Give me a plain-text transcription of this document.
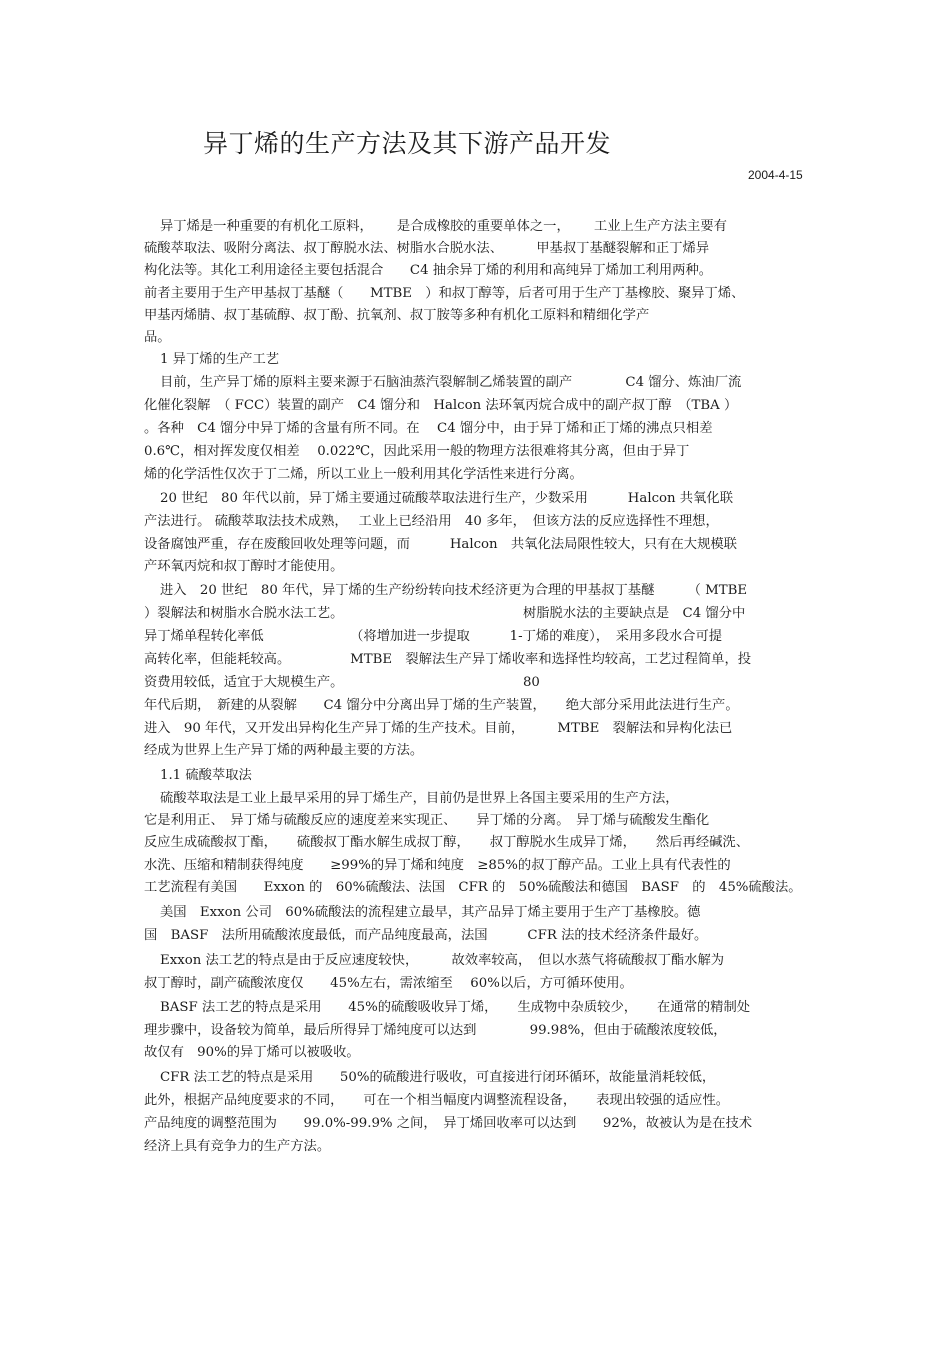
异丁烯的生产方法及其下游产品开发
2004-4-15
异丁烯是一种重要的有机化工原料，　　 是合成橡胶的重要单体之一，　　 工业上生产方法主要有
硫酸萃取法、吸附分离法、叔丁醇脱水法、树脂水合脱水法、　　　甲基叔丁基醚裂解和正丁烯异
构化法等。其化工利用途径主要包括混合　　C4 抽余异丁烯的利用和高纯异丁烯加工利用两种。
前者主要用于生产甲基叔丁基醚（　　MTBE　）和叔丁醇等，后者可用于生产丁基橡胶、聚异丁烯、
甲基丙烯腈、叔丁基硫醇、叔丁酚、抗氧剂、叔丁胺等多种有机化工原料和精细化学产
品。
1 异丁烯的生产工艺
目前，生产异丁烯的原料主要来源于石脑油蒸汽裂解制乙烯装置的副产　　　　C4 馏分、炼油厂流
化催化裂解　（ FCC）装置的副产　C4 馏分和　Halcon 法环氧丙烷合成中的副产叔丁醇　（TBA ）
。各种　C4 馏分中异丁烯的含量有所不同。在　 C4 馏分中，由于异丁烯和正丁烯的沸点只相差
0.6℃，相对挥发度仅相差　 0.022℃，因此采用一般的物理方法很难将其分离，但由于异丁
烯的化学活性仅次于丁二烯，所以工业上一般利用其化学活性来进行分离。
20 世纪　80 年代以前，异丁烯主要通过硫酸萃取法进行生产，少数采用　　　Halcon 共氧化联
产法进行。 硫酸萃取法技术成熟，　 工业上已经沿用　40 多年，　但该方法的反应选择性不理想，
设备腐蚀严重，存在废酸回收处理等问题，而　　　Halcon　共氧化法局限性较大，只有在大规模联
产环氧丙烷和叔丁醇时才能使用。
进入　20 世纪　80 年代，异丁烯的生产纷纷转向技术经济更为合理的甲基叔丁基醚　　　（ MTBE
）裂解法和树脂水合脱水法工艺。　　　　　　　　　　　　　　树脂脱水法的主要缺点是　C4 馏分中
异丁烯单程转化率低　　　　　　　（将增加进一步提取　　　1-丁烯的难度），　采用多段水合可提
高转化率，但能耗较高。　　　　　MTBE　裂解法生产异丁烯收率和选择性均较高，工艺过程简单，投
资费用较低，适宜于大规模生产。　　　　　　　　　　　　　　80
年代后期，　新建的从裂解　　C4 馏分中分离出异丁烯的生产装置，　　绝大部分采用此法进行生产。
进入　90 年代，又开发出异构化生产异丁烯的生产技术。目前，　　　MTBE　裂解法和异构化法已
经成为世界上生产异丁烯的两种最主要的方法。
1.1 硫酸萃取法
硫酸萃取法是工业上最早采用的异丁烯生产，目前仍是世界上各国主要采用的生产方法，
它是利用正、　异丁烯与硫酸反应的速度差来实现正、　　异丁烯的分离。　异丁烯与硫酸发生酯化
反应生成硫酸叔丁酯，　　硫酸叔丁酯水解生成叔丁醇，　　叔丁醇脱水生成异丁烯，　　然后再经碱洗、
水洗、压缩和精制获得纯度　　≥99%的异丁烯和纯度　≥85%的叔丁醇产品。工业上具有代表性的
工艺流程有美国　　Exxon 的　60%硫酸法、法国　CFR 的　50%硫酸法和德国　BASF　的　45%硫酸法。
美国　Exxon 公司　60%硫酸法的流程建立最早，其产品异丁烯主要用于生产丁基橡胶。德
国　BASF　法所用硫酸浓度最低，而产品纯度最高，法国　　　CFR 法的技术经济条件最好。
Exxon 法工艺的特点是由于反应速度较快，　　　故效率较高，　但以水蒸气将硫酸叔丁酯水解为
叔丁醇时，副产硫酸浓度仅　　45%左右，需浓缩至　 60%以后，方可循环使用。
BASF 法工艺的特点是采用　　45%的硫酸吸收异丁烯，　　生成物中杂质较少，　　在通常的精制处
理步骤中，设备较为简单，最后所得异丁烯纯度可以达到　　　　99.98%，但由于硫酸浓度较低，
故仅有　90%的异丁烯可以被吸收。
CFR 法工艺的特点是采用　　50%的硫酸进行吸收，可直接进行闭环循环，故能量消耗较低，
此外，根据产品纯度要求的不同，　　可在一个相当幅度内调整流程设备，　　表现出较强的适应性。
产品纯度的调整范围为　　99.0%-99.9% 之间，　异丁烯回收率可以达到　　92%，故被认为是在技术
经济上具有竞争力的生产方法。
